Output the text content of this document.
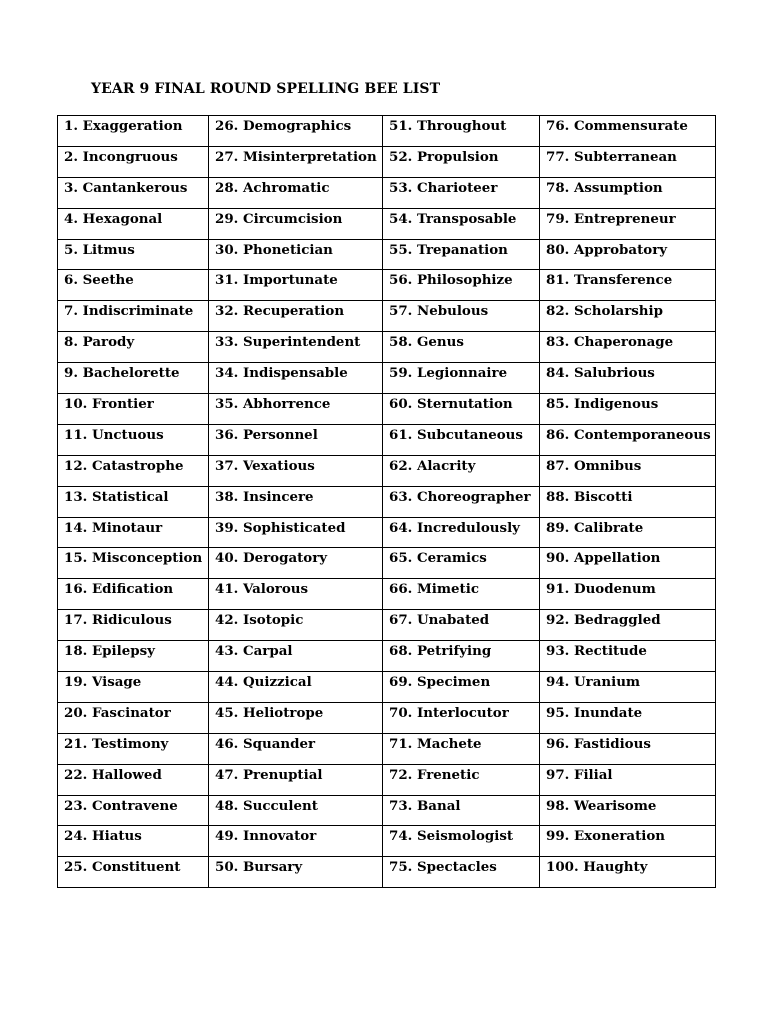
YEAR 9 FINAL ROUND SPELLING BEE LIST
1. Exaggeration	26. Demographics	51. Throughout	76. Commensurate

2. Incongruous	27. Misinterpretation	52. Propulsion	77. Subterranean

3. Cantankerous	28. Achromatic	53. Charioteer	78. Assumption

4. Hexagonal	29. Circumcision	54. Transposable	79. Entrepreneur

5. Litmus	30. Phonetician	55. Trepanation	80. Approbatory

6. Seethe	31. Importunate	56. Philosophize	81. Transference

7. Indiscriminate	32. Recuperation	57. Nebulous	82. Scholarship

8. Parody	33. Superintendent	58. Genus	83. Chaperonage

9. Bachelorette	34. Indispensable	59. Legionnaire	84. Salubrious

10. Frontier	35. Abhorrence	60. Sternutation	85. Indigenous

11. Unctuous	36. Personnel	61. Subcutaneous	86. Contemporaneous

12. Catastrophe	37. Vexatious	62. Alacrity	87. Omnibus

13. Statistical	38. Insincere	63. Choreographer	88. Biscotti

14. Minotaur	39. Sophisticated	64. Incredulously	89. Calibrate

15. Misconception	40. Derogatory	65. Ceramics	90. Appellation

16. Edification	41. Valorous	66. Mimetic	91. Duodenum

17. Ridiculous	42. Isotopic	67. Unabated	92. Bedraggled

18. Epilepsy	43. Carpal	68. Petrifying	93. Rectitude

19. Visage	44. Quizzical	69. Specimen	94. Uranium

20. Fascinator	45. Heliotrope	70. Interlocutor	95. Inundate

21. Testimony	46. Squander	71. Machete	96. Fastidious

22. Hallowed	47. Prenuptial	72. Frenetic	97. Filial

23. Contravene	48. Succulent	73. Banal	98. Wearisome

24. Hiatus	49. Innovator	74. Seismologist	99. Exoneration

25. Constituent	50. Bursary	75. Spectacles	100. Haughty
